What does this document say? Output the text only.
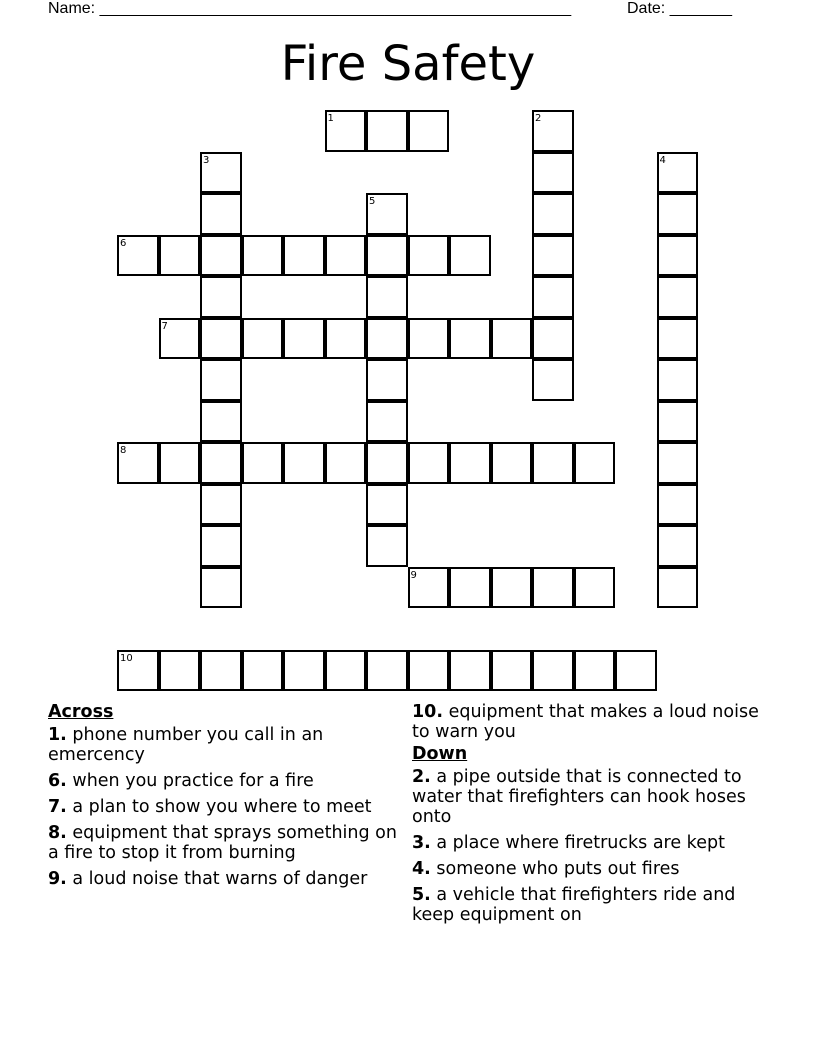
Name: _____________________________________________________	Date: _______
Fire Safety
1	2
3	4
5
6
7
8
9
10
Across
1. phone number you call in an emercency
6. when you practice for a fire
7. a plan to show you where to meet
8. equipment that sprays something on a fire to stop it from burning
9. a loud noise that warns of danger
10. equipment that makes a loud noise to warn you
Down
2. a pipe outside that is connected to water that firefighters can hook hoses onto
3. a place where firetrucks are kept
4. someone who puts out fires
5. a vehicle that firefighters ride and keep equipment on
